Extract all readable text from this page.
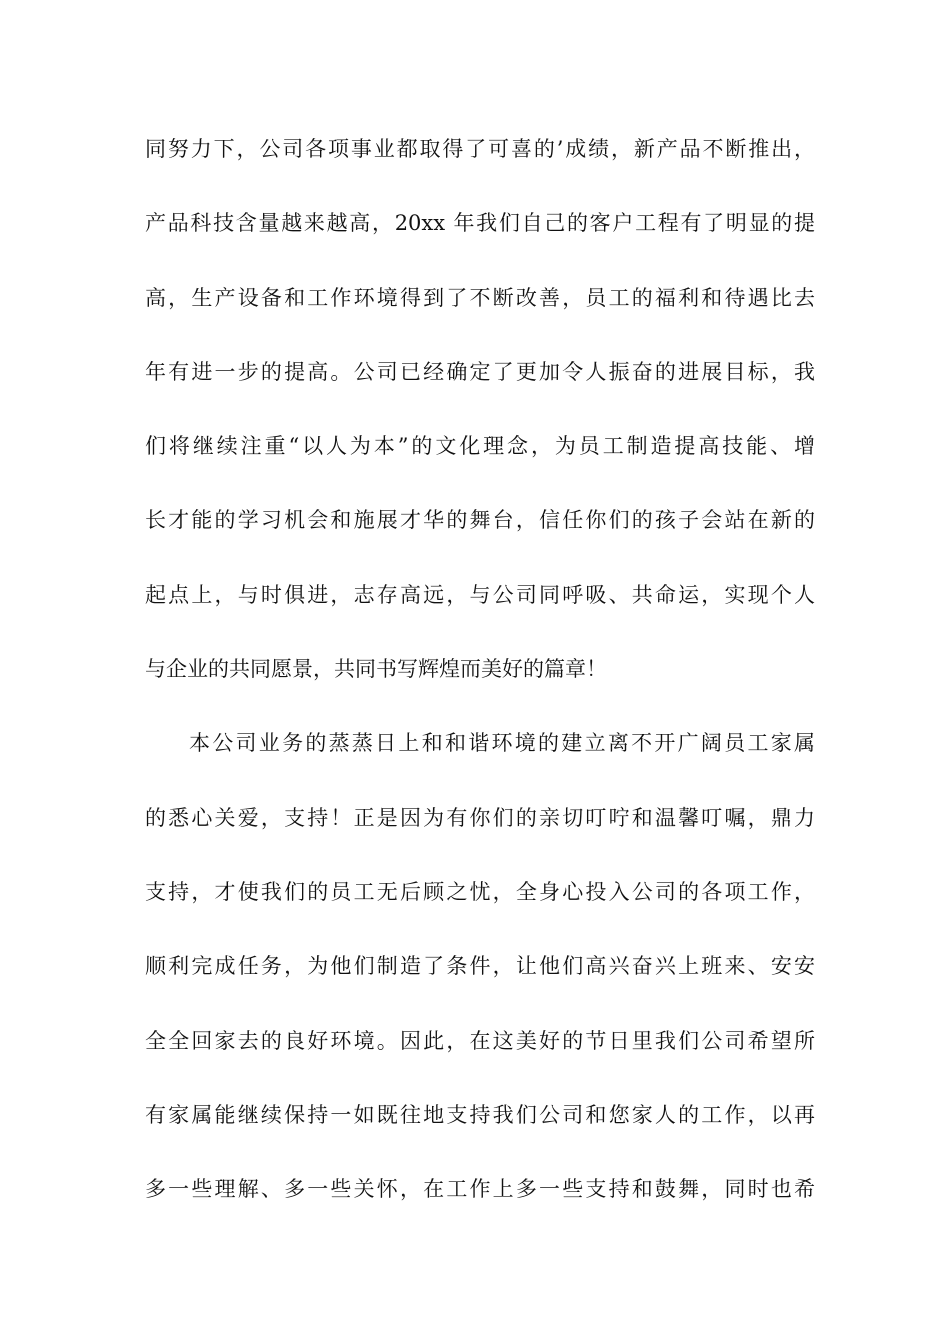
同努力下，公司各项事业都取得了可喜的’成绩，新产品不断推出，
产品科技含量越来越高，20xx 年我们自己的客户工程有了明显的提
高，生产设备和工作环境得到了不断改善，员工的福利和待遇比去
年有进一步的提高。公司已经确定了更加令人振奋的进展目标，我
们将继续注重“以人为本”的文化理念，为员工制造提高技能、增
长才能的学习机会和施展才华的舞台，信任你们的孩子会站在新的
起点上，与时俱进，志存高远，与公司同呼吸、共命运，实现个人
与企业的共同愿景，共同书写辉煌而美好的篇章！
本公司业务的蒸蒸日上和和谐环境的建立离不开广阔员工家属
的悉心关爱，支持！正是因为有你们的亲切叮咛和温馨叮嘱，鼎力
支持，才使我们的员工无后顾之忧，全身心投入公司的各项工作，
顺利完成任务，为他们制造了条件，让他们高兴奋兴上班来、安安
全全回家去的良好环境。因此，在这美好的节日里我们公司希望所
有家属能继续保持一如既往地支持我们公司和您家人的工作，以再
多一些理解、多一些关怀，在工作上多一些支持和鼓舞，同时也希
